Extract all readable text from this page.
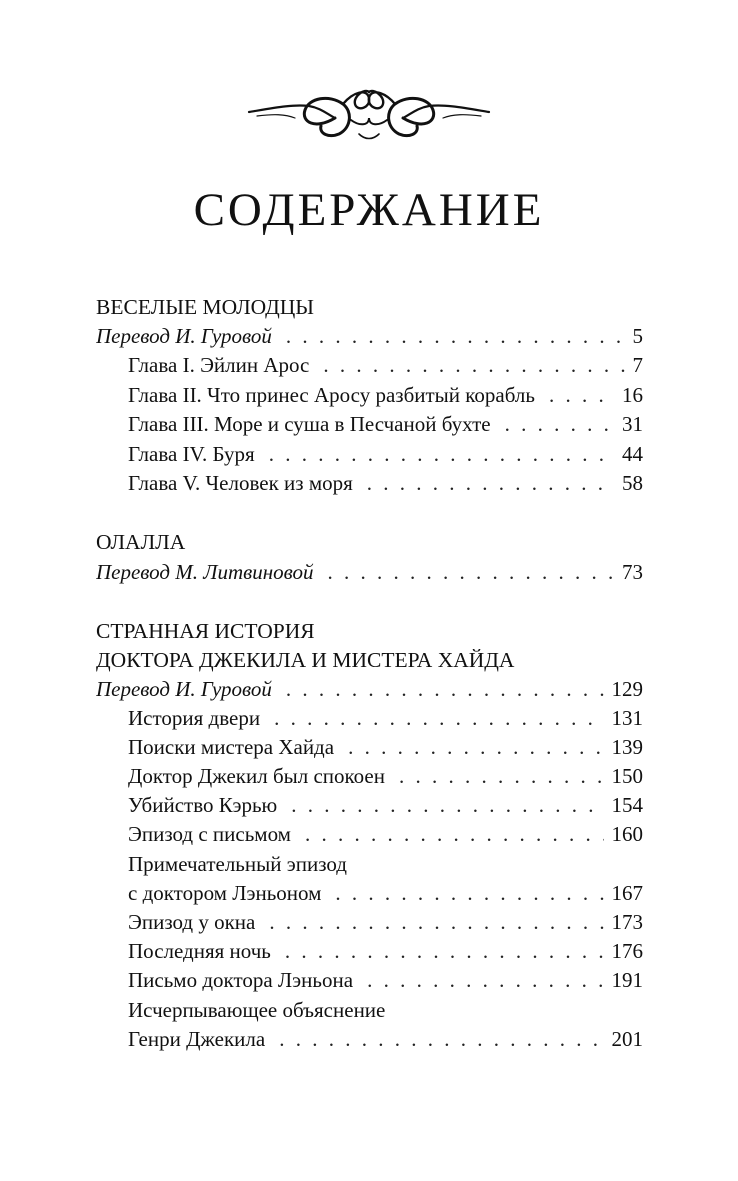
СОДЕРЖАНИЕ
ВЕСЕЛЫЕ МОЛОДЦЫ
Перевод И. Гуровой . . .	5
Глава I. Эйлин Арос . . .	7
Глава II. Что принес Аросу разбитый корабль . . .	16
Глава III. Море и суша в Песчаной бухте . . .	31
Глава IV. Буря . . .	44
Глава V. Человек из моря . . .	58
ОЛАЛЛА
Перевод М. Литвиновой . . .	73
СТРАННАЯ ИСТОРИЯ
ДОКТОРА ДЖЕКИЛА И МИСТЕРА ХАЙДА
Перевод И. Гуровой . . .	129
История двери . . .	131
Поиски мистера Хайда . . .	139
Доктор Джекил был спокоен . . .	150
Убийство Кэрью . . .	154
Эпизод с письмом . . .	160
Примечательный эпизод
с доктором Лэньоном . . .	167
Эпизод у окна . . .	173
Последняя ночь . . .	176
Письмо доктора Лэньона . . .	191
Исчерпывающее объяснение
Генри Джекила . . .	201
